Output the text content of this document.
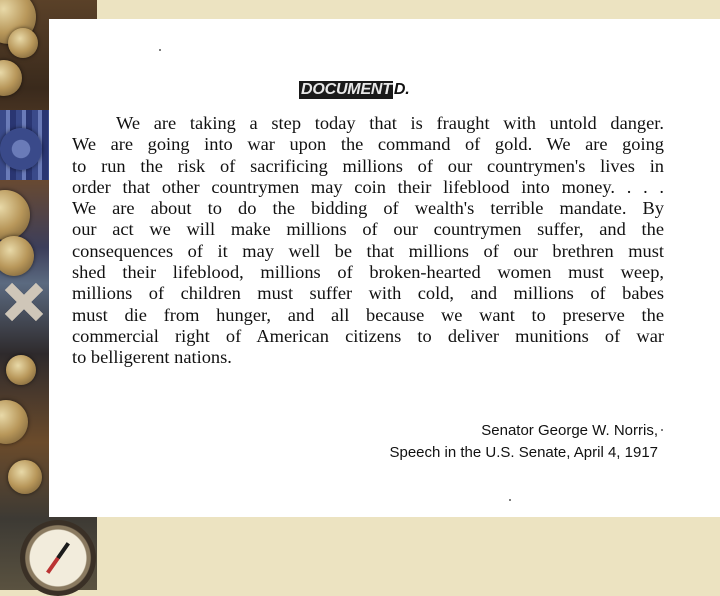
DOCUMENT D.
We are taking a step today that is fraught with untold danger.
We are going into war upon the command of gold. We are going
to run the risk of sacrificing millions of our countrymen's lives in
order that other countrymen may coin their lifeblood into money. . . .
We are about to do the bidding of wealth's terrible mandate. By
our act we will make millions of our countrymen suffer, and the
consequences of it may well be that millions of our brethren must
shed their lifeblood, millions of broken-hearted women must weep,
millions of children must suffer with cold, and millions of babes
must die from hunger, and all because we want to preserve the
commercial right of American citizens to deliver munitions of war
to belligerent nations.
Senator George W. Norris,
Speech in the U.S. Senate, April 4, 1917
